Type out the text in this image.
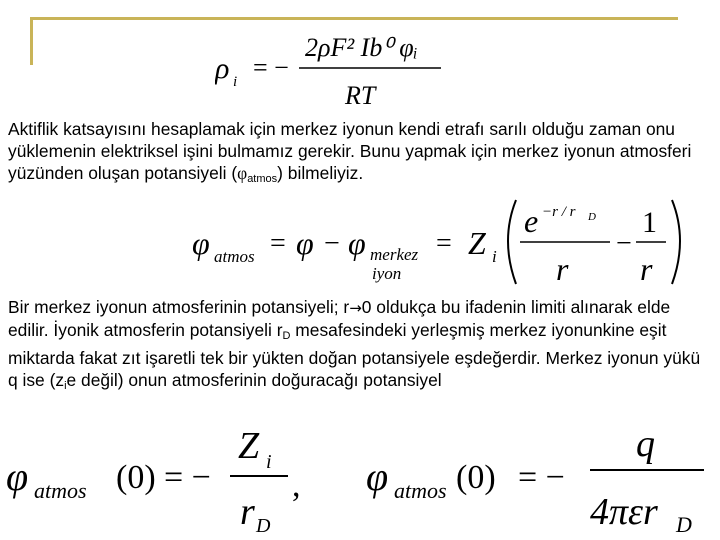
ρ i = −
2ρF² Ib⁰ φᵢ
RT

Aktiflik katsayısını hesaplamak için merkez iyonun kendi etrafı sarılı olduğu zaman onu yüklemenin elektriksel işini bulmamız gerekir. Bunu yapmak için merkez iyonun atmosferi yüzünden oluşan potansiyeli $(\varphi_{atmos})$ bilmeliyiz.

φ atmos = φ − φ merkez
iyon
= Z i
e −r / r D
r
−
1
r

Bir merkez iyonun atmosferinin potansiyeli; r→0 oldukça bu ifadenin limiti alınarak elde edilir. İyonik atmosferin potansiyeli $r_D$ mesafesindeki yerleşmiş merkez iyonunkine eşit miktarda fakat zıt işaretli tek bir yükten doğan potansiyele eşdeğerdir. Merkez iyonun yükü q ise ($z_ie$ değil) onun atmosferinin doğuracağı potansiyel

φ atmos (0) = −
Z i
r D
, φ atmos (0) = −
q
4πεr D
